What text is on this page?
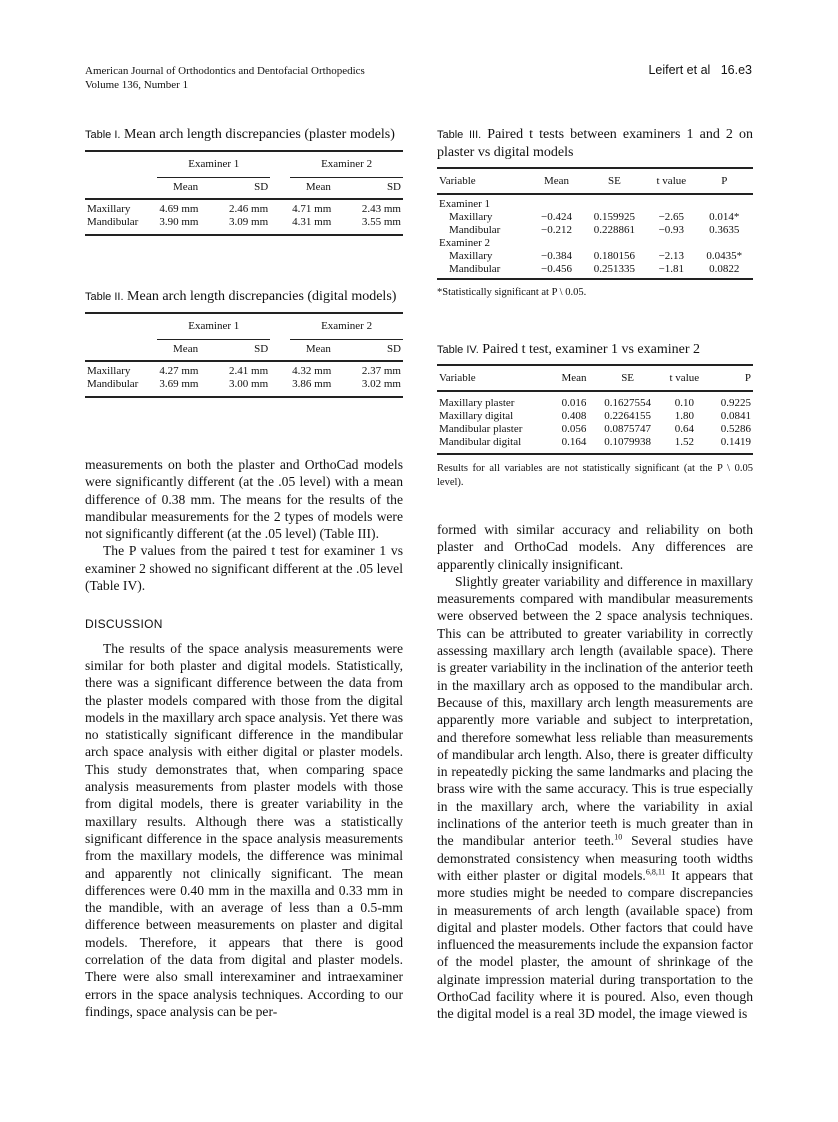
American Journal of Orthodontics and Dentofacial Orthopedics
Volume 136, Number 1
Leifert et al 16.e3
Table I. Mean arch length discrepancies (plaster models)
	Examiner 1			Examiner 2	
	Mean	SD		Mean	SD

Maxillary	4.69 mm	2.46 mm		4.71 mm	2.43 mm
Mandibular	3.90 mm	3.09 mm		4.31 mm	3.55 mm

Table II. Mean arch length discrepancies (digital models)
	Examiner 1			Examiner 2	
	Mean	SD		Mean	SD

Maxillary	4.27 mm	2.41 mm		4.32 mm	2.37 mm
Mandibular	3.69 mm	3.00 mm		3.86 mm	3.02 mm

Table III. Paired t tests between examiners 1 and 2 on plaster vs digital models
Variable	Mean	SE	t value	P

Examiner 1				
Maxillary	−0.424	0.159925	−2.65	0.014*
Mandibular	−0.212	0.228861	−0.93	0.3635
Examiner 2				
Maxillary	−0.384	0.180156	−2.13	0.0435*
Mandibular	−0.456	0.251335	−1.81	0.0822

*Statistically significant at P \ 0.05.
Table IV. Paired t test, examiner 1 vs examiner 2
Variable	Mean	SE	t value	P

Maxillary plaster	0.016	0.1627554	0.10	0.9225
Maxillary digital	0.408	0.2264155	1.80	0.0841
Mandibular plaster	0.056	0.0875747	0.64	0.5286
Mandibular digital	0.164	0.1079938	1.52	0.1419

Results for all variables are not statistically significant (at the P \ 0.05 level).

measurements on both the plaster and OrthoCad models were significantly different (at the .05 level) with a mean difference of 0.38 mm. The means for the results of the mandibular measurements for the 2 types of models were not significantly different (at the .05 level) (Table III).

The P values from the paired t test for examiner 1 vs examiner 2 showed no significant different at the .05 level (Table IV).

DISCUSSION

The results of the space analysis measurements were similar for both plaster and digital models. Statistically, there was a significant difference between the data from the plaster models compared with those from the digital models in the maxillary arch space analysis. Yet there was no statistically significant difference in the mandibular arch space analysis with either digital or plaster models. This study demonstrates that, when comparing space analysis measurements from plaster models with those from digital models, there is greater variability in the maxillary results. Although there was a statistically significant difference in the space analysis measurements from the maxillary models, the difference was minimal and apparently not clinically significant. The mean differences were 0.40 mm in the maxilla and 0.33 mm in the mandible, with an average of less than a 0.5-mm difference between measurements on plaster and digital models. Therefore, it appears that there is good correlation of the data from digital and plaster models. There were also small interexaminer and intraexaminer errors in the space analysis techniques. According to our findings, space analysis can be per-

formed with similar accuracy and reliability on both plaster and OrthoCad models. Any differences are apparently clinically insignificant.

Slightly greater variability and difference in maxillary measurements compared with mandibular measurements were observed between the 2 space analysis techniques. This can be attributed to greater variability in correctly assessing maxillary arch length (available space). There is greater variability in the inclination of the anterior teeth in the maxillary arch as opposed to the mandibular arch. Because of this, maxillary arch length measurements are apparently more variable and subject to interpretation, and therefore somewhat less reliable than measurements of mandibular arch length. Also, there is greater difficulty in repeatedly picking the same landmarks and placing the brass wire with the same accuracy. This is true especially in the maxillary arch, where the variability in axial inclinations of the anterior teeth is much greater than in the mandibular anterior teeth.$^{10}$ Several studies have demonstrated consistency when measuring tooth widths with either plaster or digital models.$^{6,8,11}$ It appears that more studies might be needed to compare discrepancies in measurements of arch length (available space) from digital and plaster models. Other factors that could have influenced the measurements include the expansion factor of the model plaster, the amount of shrinkage of the alginate impression material during transportation to the OrthoCad facility where it is poured. Also, even though the digital model is a real 3D model, the image viewed is
